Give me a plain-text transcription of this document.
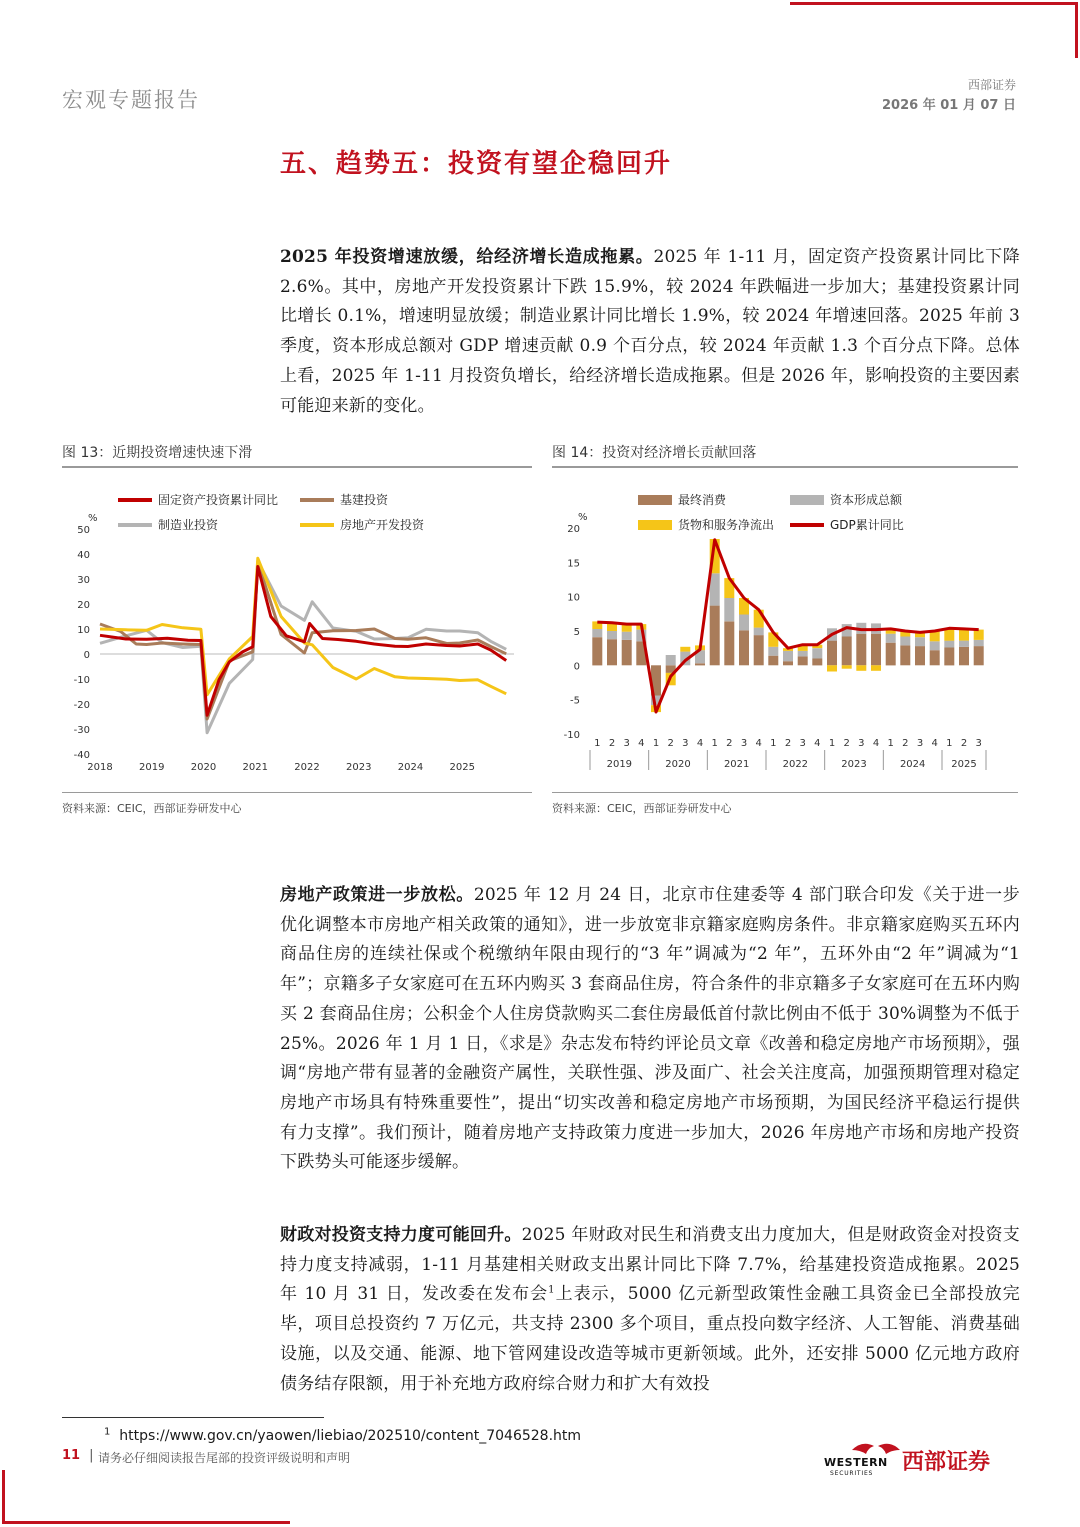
宏观专题报告
西部证券
2026 年 01 月 07 日
五、趋势五：投资有望企稳回升

2025 年投资增速放缓，给经济增长造成拖累。2025 年 1-11 月，固定资产投资累计同比下降 2.6%。其中，房地产开发投资累计下跌 15.9%，较 2024 年跌幅进一步加大；基建投资累计同比增长 0.1%，增速明显放缓；制造业累计同比增长 1.9%，较 2024 年增速回落。2025 年前 3 季度，资本形成总额对 GDP 增速贡献 0.9 个百分点，较 2024 年贡献 1.3 个百分点下降。总体上看，2025 年 1-11 月投资负增长，给经济增长造成拖累。但是 2026 年，影响投资的主要因素可能迎来新的变化。

图 13：近期投资增速快速下滑
%
-40
-30
-20
-10
0
10
20
30
40
50
2018	2019	2020	2021	2022	2023	2024	2025
固定资产投资累计同比	基建投资
制造业投资	房地产开发投资
资料来源：CEIC，西部证券研发中心
图 14：投资对经济增长贡献回落
%
-10
-5
0
5
10
15
20
最终消费	资本形成总额
货物和服务净流出	GDP累计同比
1 2 3 4 1 2 3 4 1 2 3 4 1 2 3 4 1 2 3 4 1 2 3 4 1 2 3
2019	2020	2021	2022	2023	2024	2025
资料来源：CEIC，西部证券研发中心

房地产政策进一步放松。2025 年 12 月 24 日，北京市住建委等 4 部门联合印发《关于进一步优化调整本市房地产相关政策的通知》，进一步放宽非京籍家庭购房条件。非京籍家庭购买五环内商品住房的连续社保或个税缴纳年限由现行的“3 年”调减为“2 年”，五环外由“2 年”调减为“1 年”；京籍多子女家庭可在五环内购买 3 套商品住房，符合条件的非京籍多子女家庭可在五环内购买 2 套商品住房；公积金个人住房贷款购买二套住房最低首付款比例由不低于 30%调整为不低于 25%。2026 年 1 月 1 日，《求是》杂志发布特约评论员文章《改善和稳定房地产市场预期》，强调“房地产带有显著的金融资产属性，关联性强、涉及面广、社会关注度高，加强预期管理对稳定房地产市场具有特殊重要性”，提出“切实改善和稳定房地产市场预期，为国民经济平稳运行提供有力支撑”。我们预计，随着房地产支持政策力度进一步加大，2026 年房地产市场和房地产投资下跌势头可能逐步缓解。

财政对投资支持力度可能回升。2025 年财政对民生和消费支出力度加大，但是财政资金对投资支持力度支持减弱，1-11 月基建相关财政支出累计同比下降 7.7%，给基建投资造成拖累。2025 年 10 月 31 日，发改委在发布会$^1$上表示，5000 亿元新型政策性金融工具资金已全部投放完毕，项目总投资约 7 万亿元，共支持 2300 多个项目，重点投向数字经济、人工智能、消费基础设施，以及交通、能源、地下管网建设改造等城市更新领域。此外，还安排 5000 亿元地方政府债务结存限额，用于补充地方政府综合财力和扩大有效投

$^1$ https://www.gov.cn/yaowen/liebiao/202510/content_7046528.htm
11 | 请务必仔细阅读报告尾部的投资评级说明和声明	WESTERN
SECURITIES 西部证券
